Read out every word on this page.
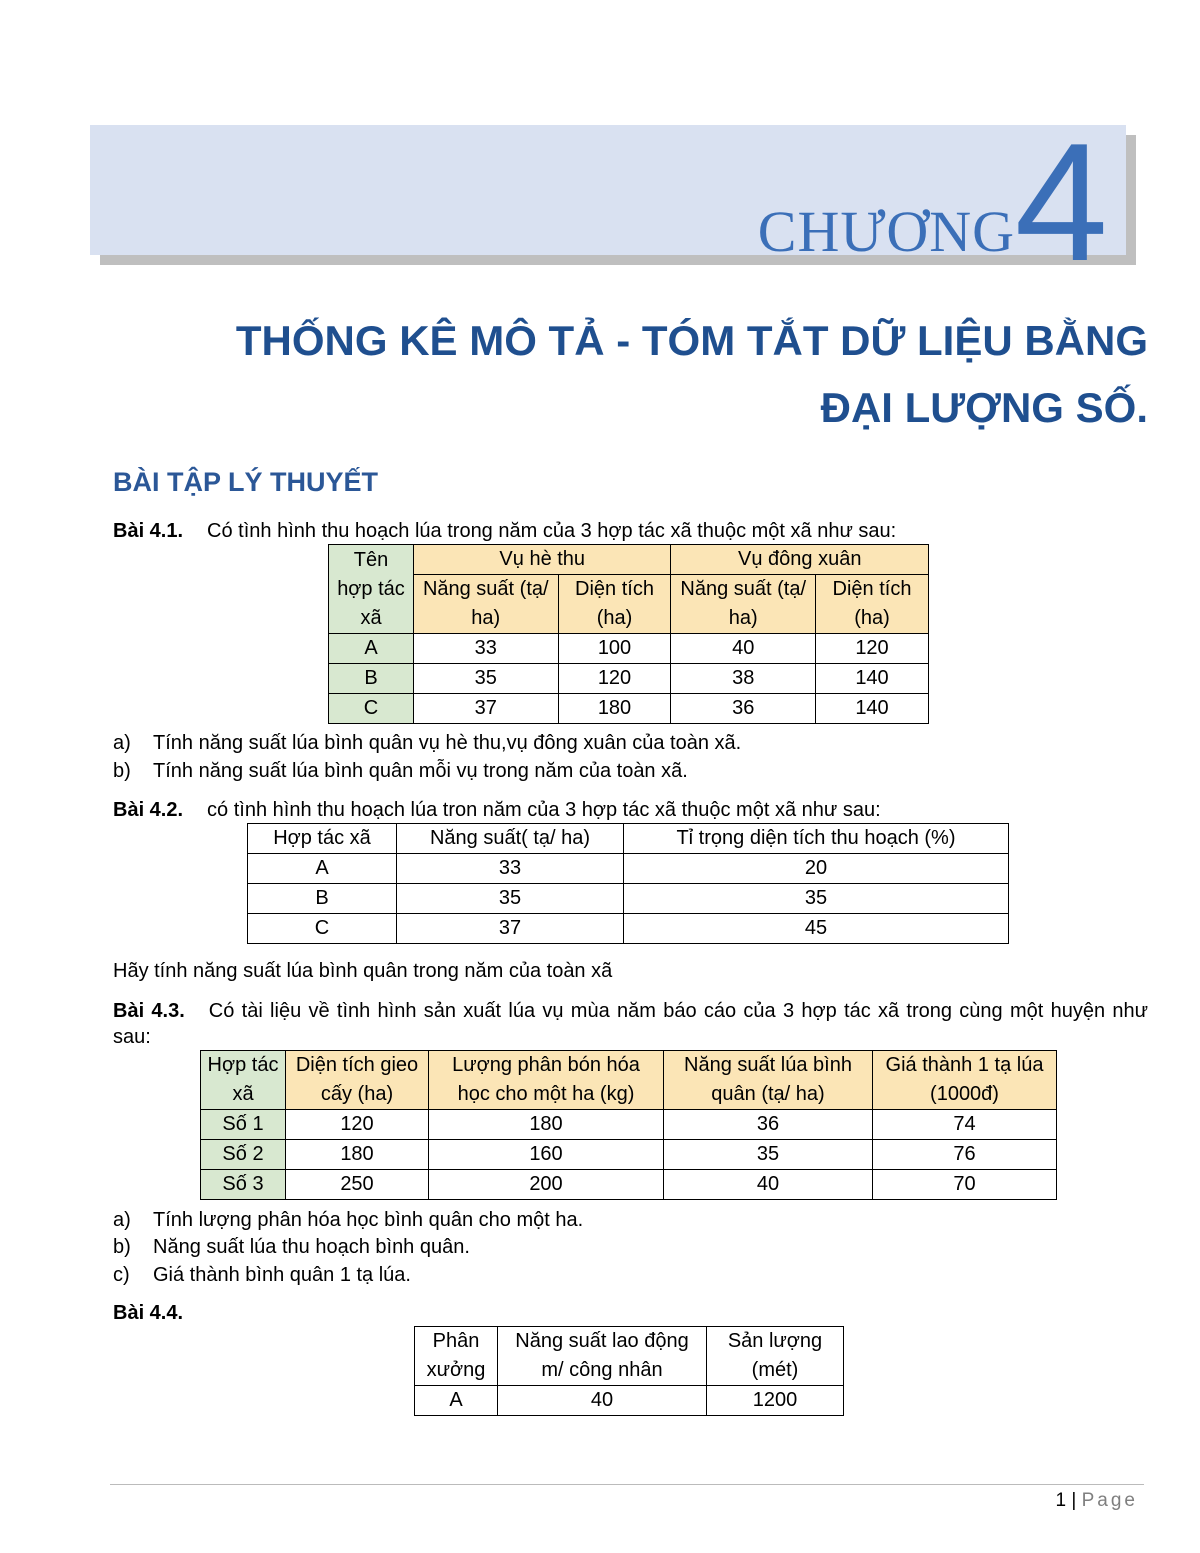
CHƯƠNG 4
THỐNG KÊ MÔ TẢ - TÓM TẮT DỮ LIỆU BẰNG
ĐẠI LƯỢNG SỐ.
BÀI TẬP LÝ THUYẾT
Bài 4.1. Có tình hình thu hoạch lúa trong năm của 3 hợp tác xã thuộc một xã như sau:
Tên hợp tác xã	Vụ hè thu		Vụ đông xuân	
	Năng suất (tạ/ ha)	Diện tích (ha)	Năng suất (tạ/ ha)	Diện tích (ha)

A	33	100	40	120
B	35	120	38	140
C	37	180	36	140
a) Tính năng suất lúa bình quân vụ hè thu,vụ đông xuân của toàn xã.
b) Tính năng suất lúa bình quân mỗi vụ trong năm của toàn xã.
Bài 4.2. có tình hình thu hoạch lúa tron năm của 3 hợp tác xã thuộc một xã như sau:
Hợp tác xã	Năng suất( tạ/ ha)	Tỉ trọng diện tích thu hoạch (%)
A	33	20
B	35	35
C	37	45
Hãy tính năng suất lúa bình quân trong năm của toàn xã
Bài 4.3. Có tài liệu về tình hình sản xuất lúa vụ mùa năm báo cáo của 3 hợp tác xã trong cùng một huyện như sau:
Hợp tác xã	Diện tích gieo cấy (ha)	Lượng phân bón hóa học cho một ha (kg)	Năng suất lúa bình quân (tạ/ ha)	Giá thành 1 tạ lúa (1000đ)
Số 1	120	180	36	74
Số 2	180	160	35	76
Số 3	250	200	40	70
a) Tính lượng phân hóa học bình quân cho một ha.
b) Năng suất lúa thu hoạch bình quân.
c) Giá thành bình quân 1 tạ lúa.
Bài 4.4.
Phân xưởng	Năng suất lao động m/ công nhân	Sản lượng (mét)
A	40	1200
1 | Page
